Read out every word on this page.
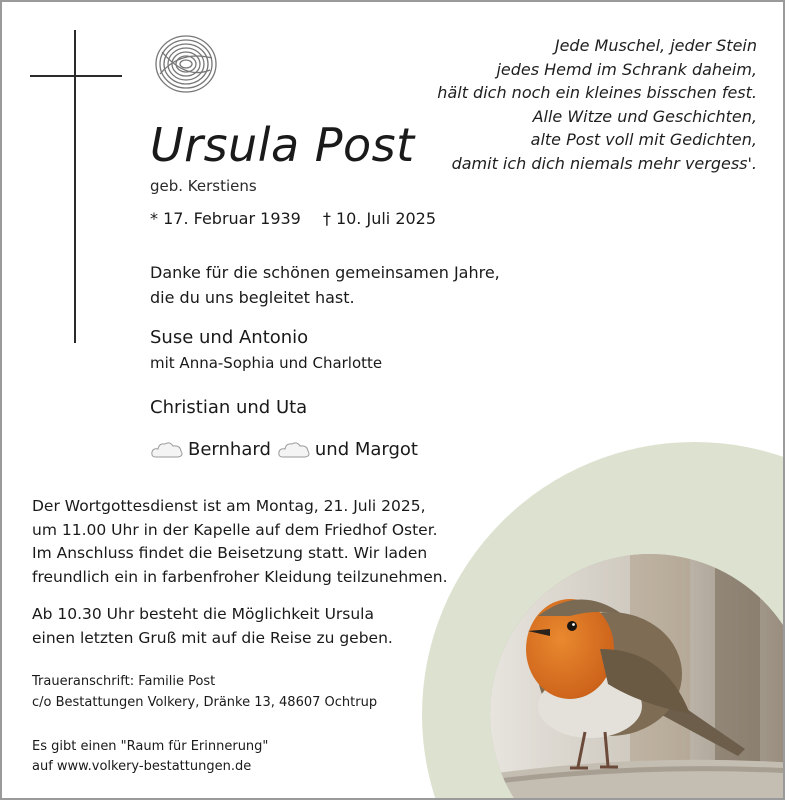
Jede Muschel, jeder Stein
jedes Hemd im Schrank daheim,
hält dich noch ein kleines bisschen fest.
Alle Witze und Geschichten,
alte Post voll mit Gedichten,
damit ich dich niemals mehr vergess'.
Ursula Post
geb. Kerstiens
* 17. Februar 1939 † 10. Juli 2025
Danke für die schönen gemeinsamen Jahre,
die du uns begleitet hast.
Suse und Antonio
mit Anna-Sophia und Charlotte
Christian und Uta
Bernhard und Margot
Der Wortgottesdienst ist am Montag, 21. Juli 2025,
um 11.00 Uhr in der Kapelle auf dem Friedhof Oster.
Im Anschluss findet die Beisetzung statt. Wir laden
freundlich ein in farbenfroher Kleidung teilzunehmen.
Ab 10.30 Uhr besteht die Möglichkeit Ursula
einen letzten Gruß mit auf die Reise zu geben.
Traueranschrift: Familie Post
c/o Bestattungen Volkery, Dränke 13, 48607 Ochtrup
Es gibt einen "Raum für Erinnerung"
auf www.volkery-bestattungen.de
